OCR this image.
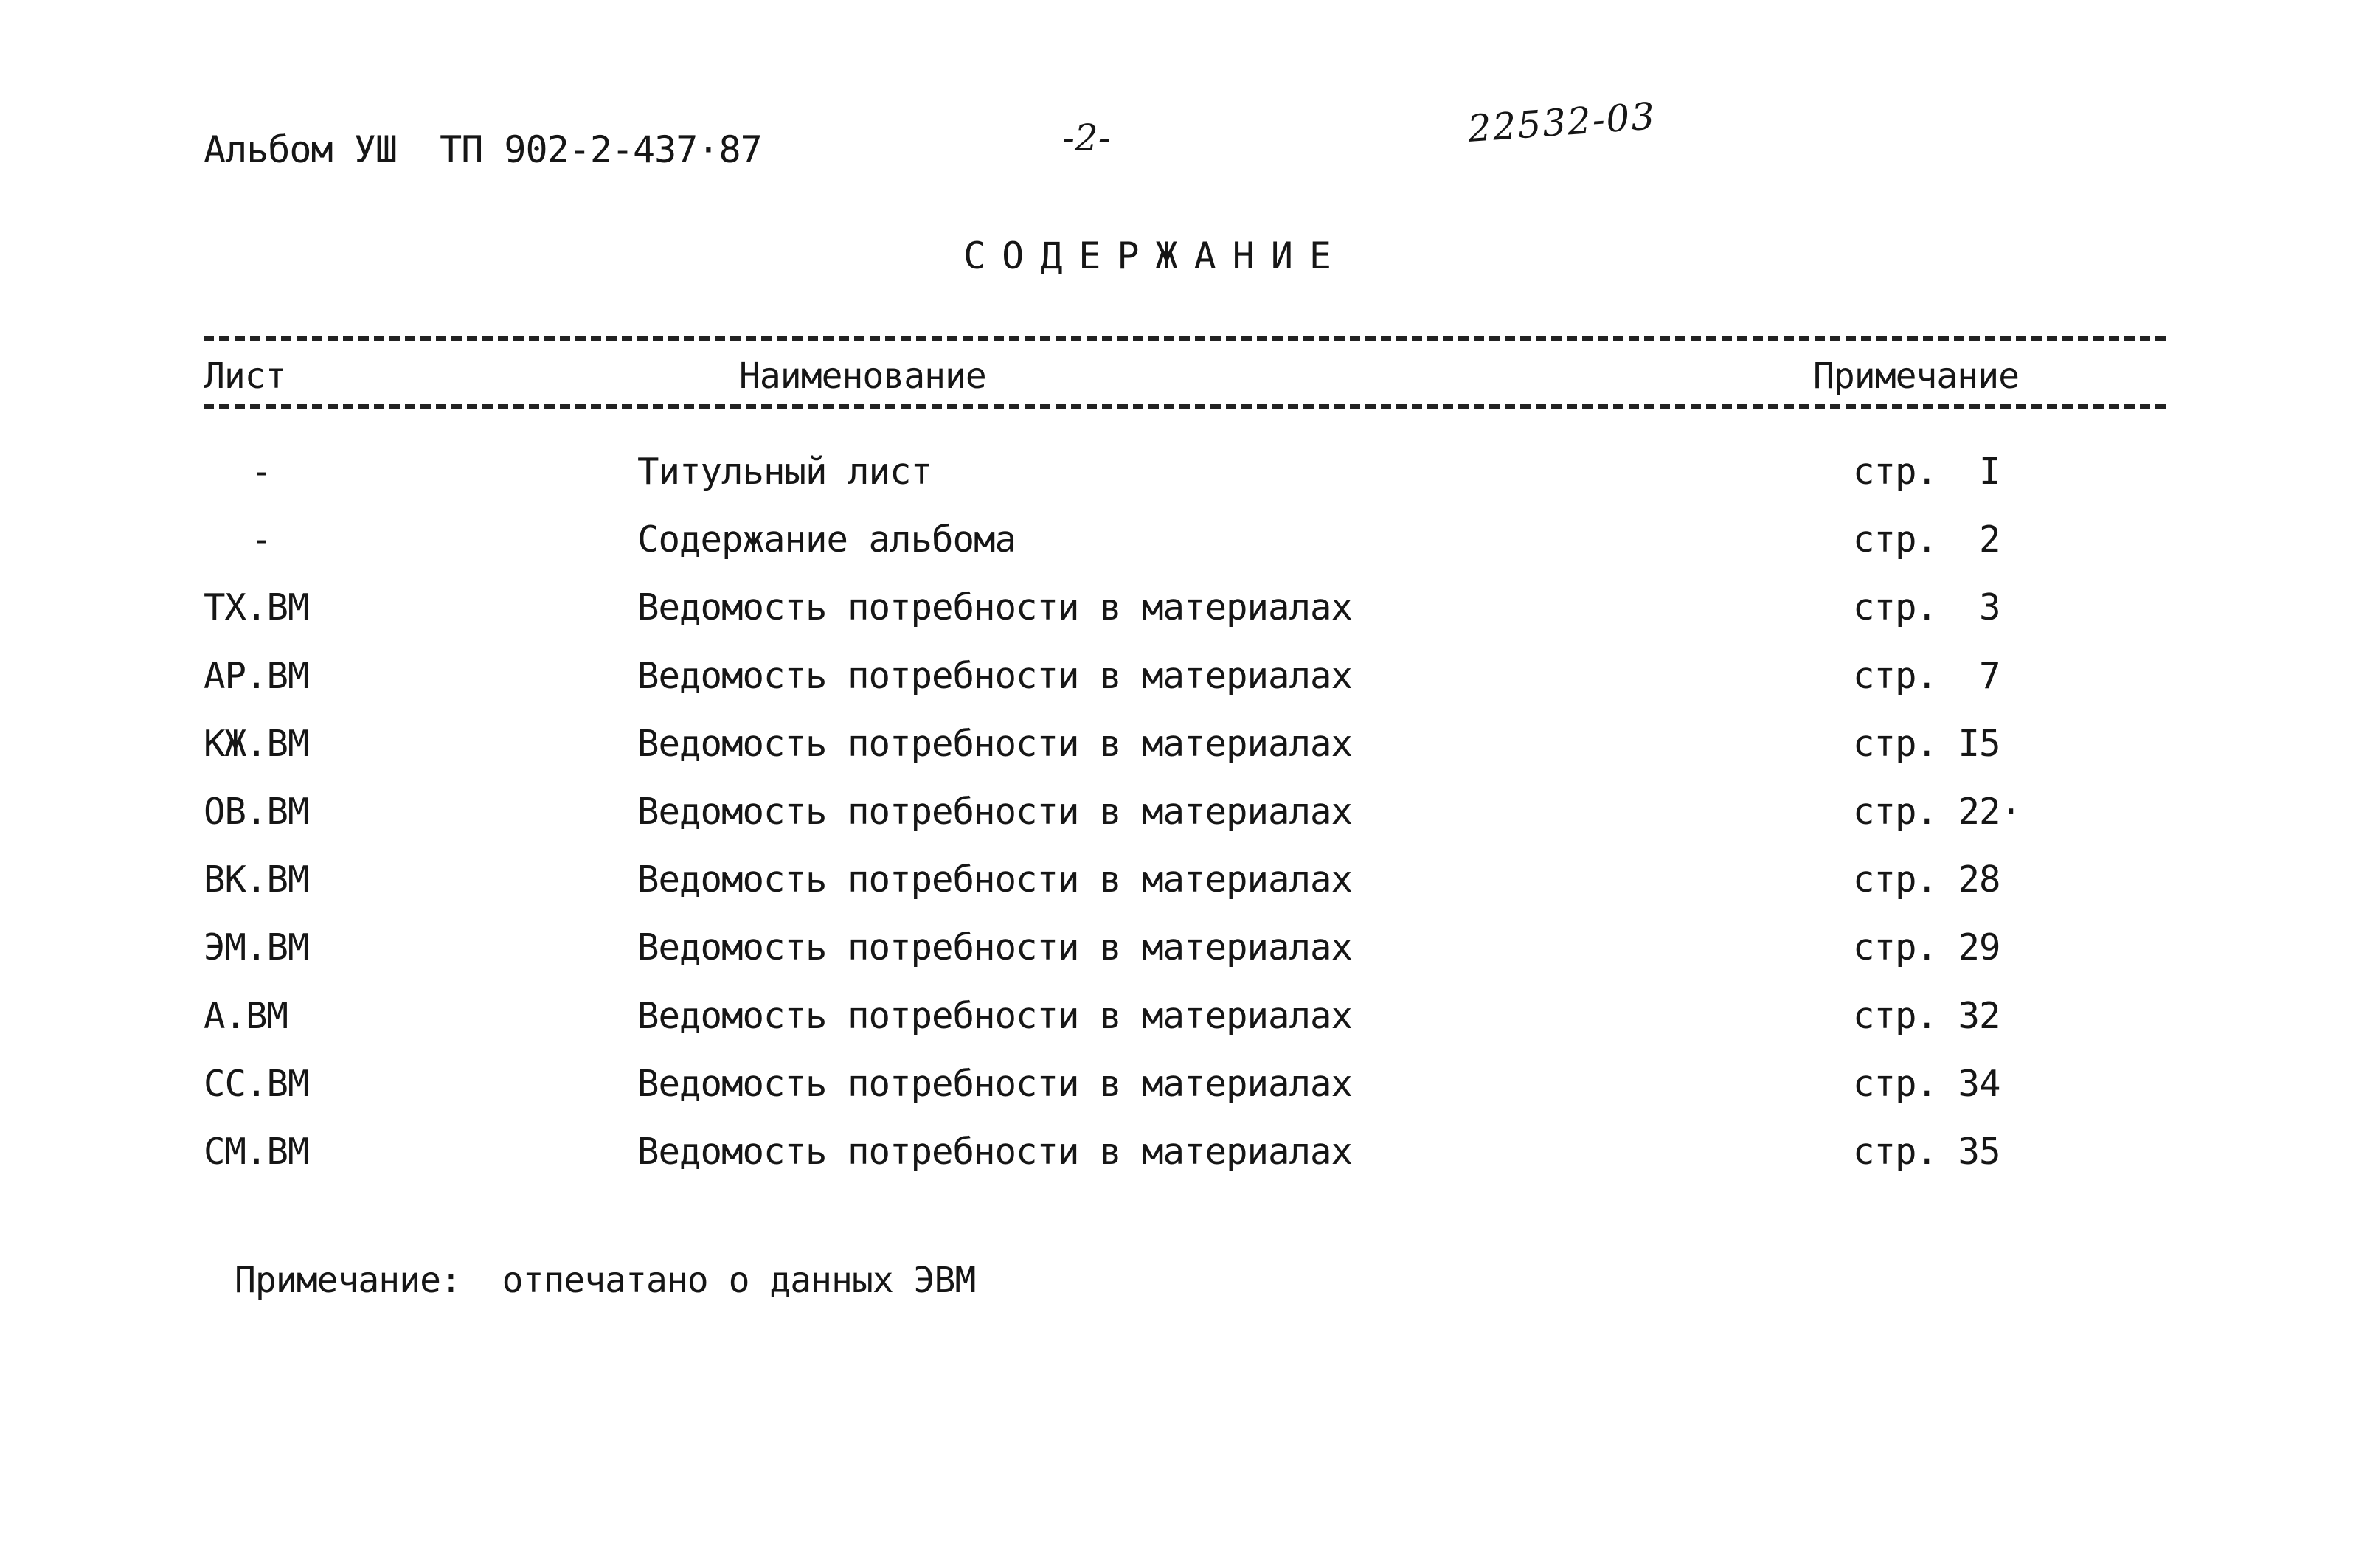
Альбом УШ  ТП 902-2-437·87	-2-	22532-03
СОДЕРЖАНИЕ
Лист	Наименование	Примечание
-	Титульный лист	стр.  I
-	Содержание альбома	стр.  2
ТХ.ВМ	Ведомость потребности в материалах	стр.  3
АР.ВМ	Ведомость потребности в материалах	стр.  7
КЖ.ВМ	Ведомость потребности в материалах	стр. I5
ОВ.ВМ	Ведомость потребности в материалах	стр. 22·
ВК.ВМ	Ведомость потребности в материалах	стр. 28
ЭМ.ВМ	Ведомость потребности в материалах	стр. 29
А.ВМ	Ведомость потребности в материалах	стр. 32
СС.ВМ	Ведомость потребности в материалах	стр. 34
СМ.ВМ	Ведомость потребности в материалах	стр. 35
Примечание:  отпечатано о данных ЭВМ
